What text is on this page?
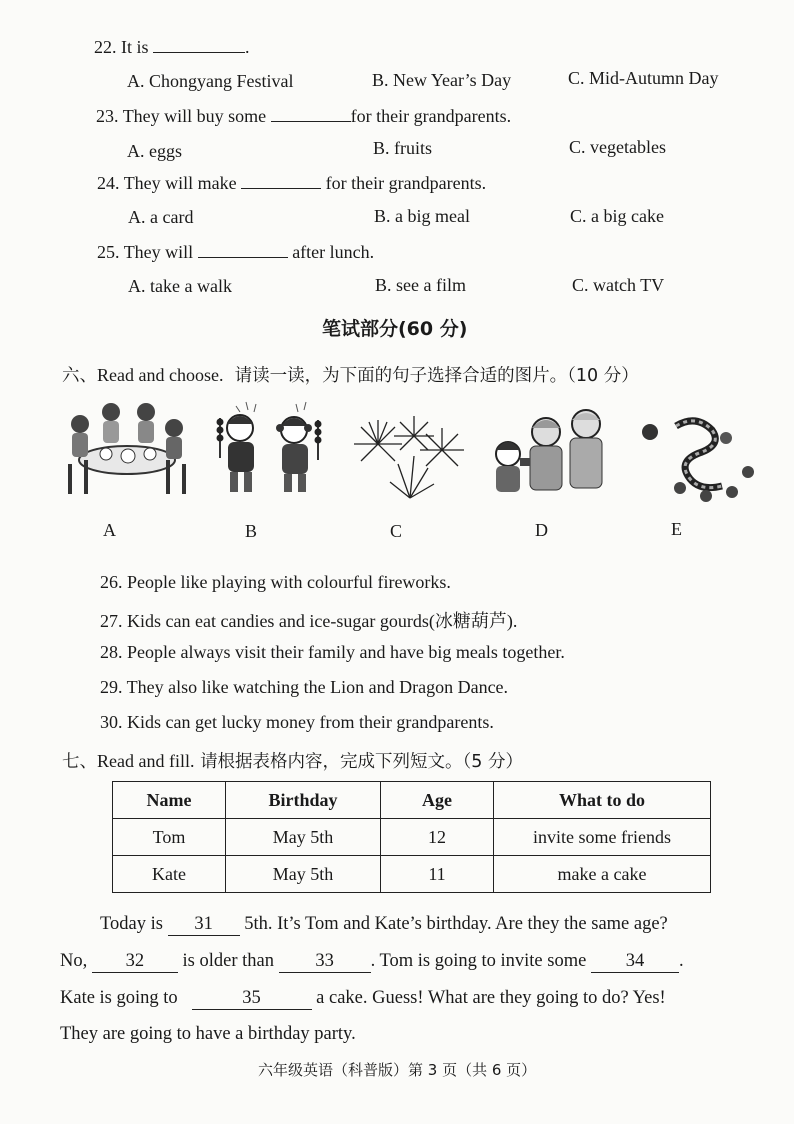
22. It is	.
A. Chongyang Festival	B. New Year’s Day	C. Mid-Autumn Day
23. They will buy some	for their grandparents.
A. eggs	B. fruits	C. vegetables
24. They will make	for their grandparents.
A. a card	B. a big meal	C. a big cake
25. They will	after lunch.
A. take a walk	B. see a film	C. watch TV
笔试部分(60 分)
六、Read and choose. 请读一读，为下面的句子选择合适的图片。（10 分）
A	B	C	D	E
26. People like playing with colourful fireworks.
27. Kids can eat candies and ice-sugar gourds(冰糖葫芦).
28. People always visit their family and have big meals together.
29. They also like watching the Lion and Dragon Dance.
30. Kids can get lucky money from their grandparents.
七、Read and fill. 请根据表格内容，完成下列短文。（5 分）
Name	Birthday	Age	What to do
Tom	May 5th	12	invite some friends
Kate	May 5th	11	make a cake
Today is 31 5th. It’s Tom and Kate’s birthday. Are they the same age?
No, 32 is older than 33 . Tom is going to invite some 34 .
Kate is going to	35	a cake. Guess! What are they going to do? Yes!
They are going to have a birthday party.
六年级英语（科普版）第 3 页（共 6 页）
